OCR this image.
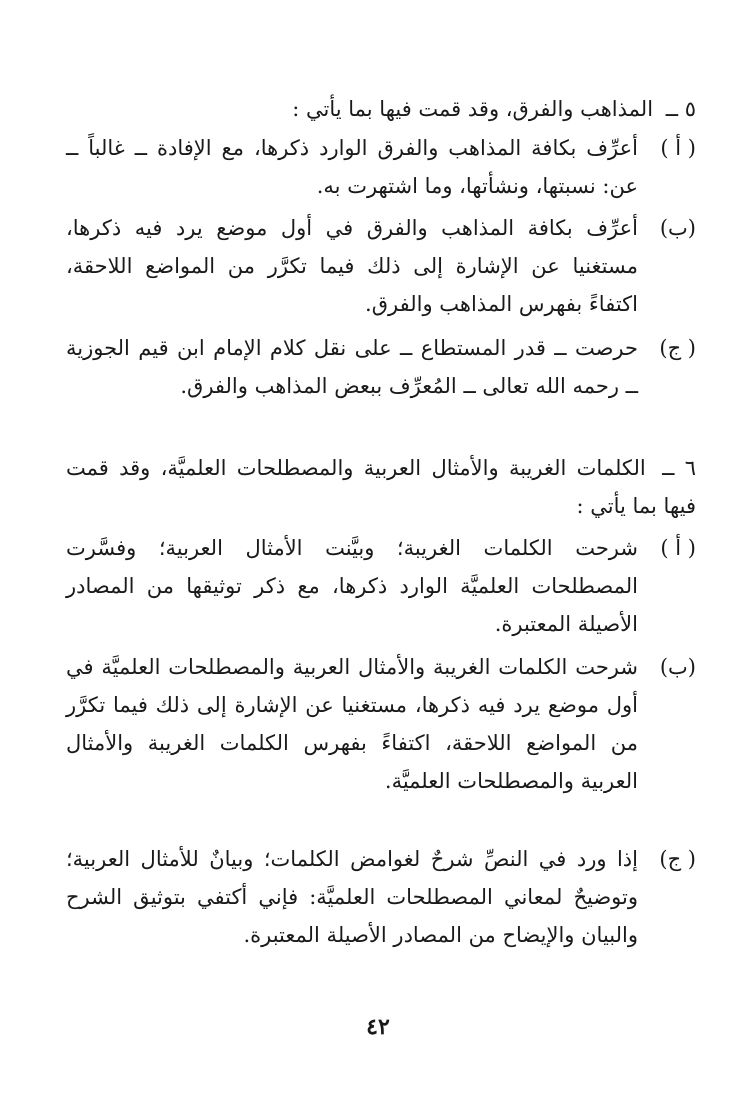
٥ ــ المذاهب والفرق، وقد قمت فيها بما يأتي :
( أ )
أعرِّف بكافة المذاهب والفرق الوارد ذكرها، مع الإفادة ــ غالباً ــ عن: نسبتها، ونشأتها، وما اشتهرت به.
(ب)
أعرِّف بكافة المذاهب والفرق في أول موضع يرد فيه ذكرها، مستغنيا عن الإشارة إلى ذلك فيما تكرَّر من المواضع اللاحقة، اكتفاءً بفهرس المذاهب والفرق.
( ج)
حرصت ــ قدر المستطاع ــ على نقل كلام الإمام ابن قيم الجوزية ــ رحمه الله تعالى ــ المُعرِّف ببعض المذاهب والفرق.
٦ ــ الكلمات الغريبة والأمثال العربية والمصطلحات العلميَّة، وقد قمت فيها بما يأتي :
( أ )
شرحت الكلمات الغريبة؛ وبيَّنت الأمثال العربية؛ وفسَّرت المصطلحات العلميَّة الوارد ذكرها، مع ذكر توثيقها من المصادر الأصيلة المعتبرة.
(ب)
شرحت الكلمات الغريبة والأمثال العربية والمصطلحات العلميَّة في أول موضع يرد فيه ذكرها، مستغنيا عن الإشارة إلى ذلك فيما تكرَّر من المواضع اللاحقة، اكتفاءً بفهرس الكلمات الغريبة والأمثال العربية والمصطلحات العلميَّة.
( ج)
إذا ورد في النصِّ شرحٌ لغوامض الكلمات؛ وبيانٌ للأمثال العربية؛ وتوضيحٌ لمعاني المصطلحات العلميَّة: فإني أكتفي بتوثيق الشرح والبيان والإيضاح من المصادر الأصيلة المعتبرة.
٤٢
